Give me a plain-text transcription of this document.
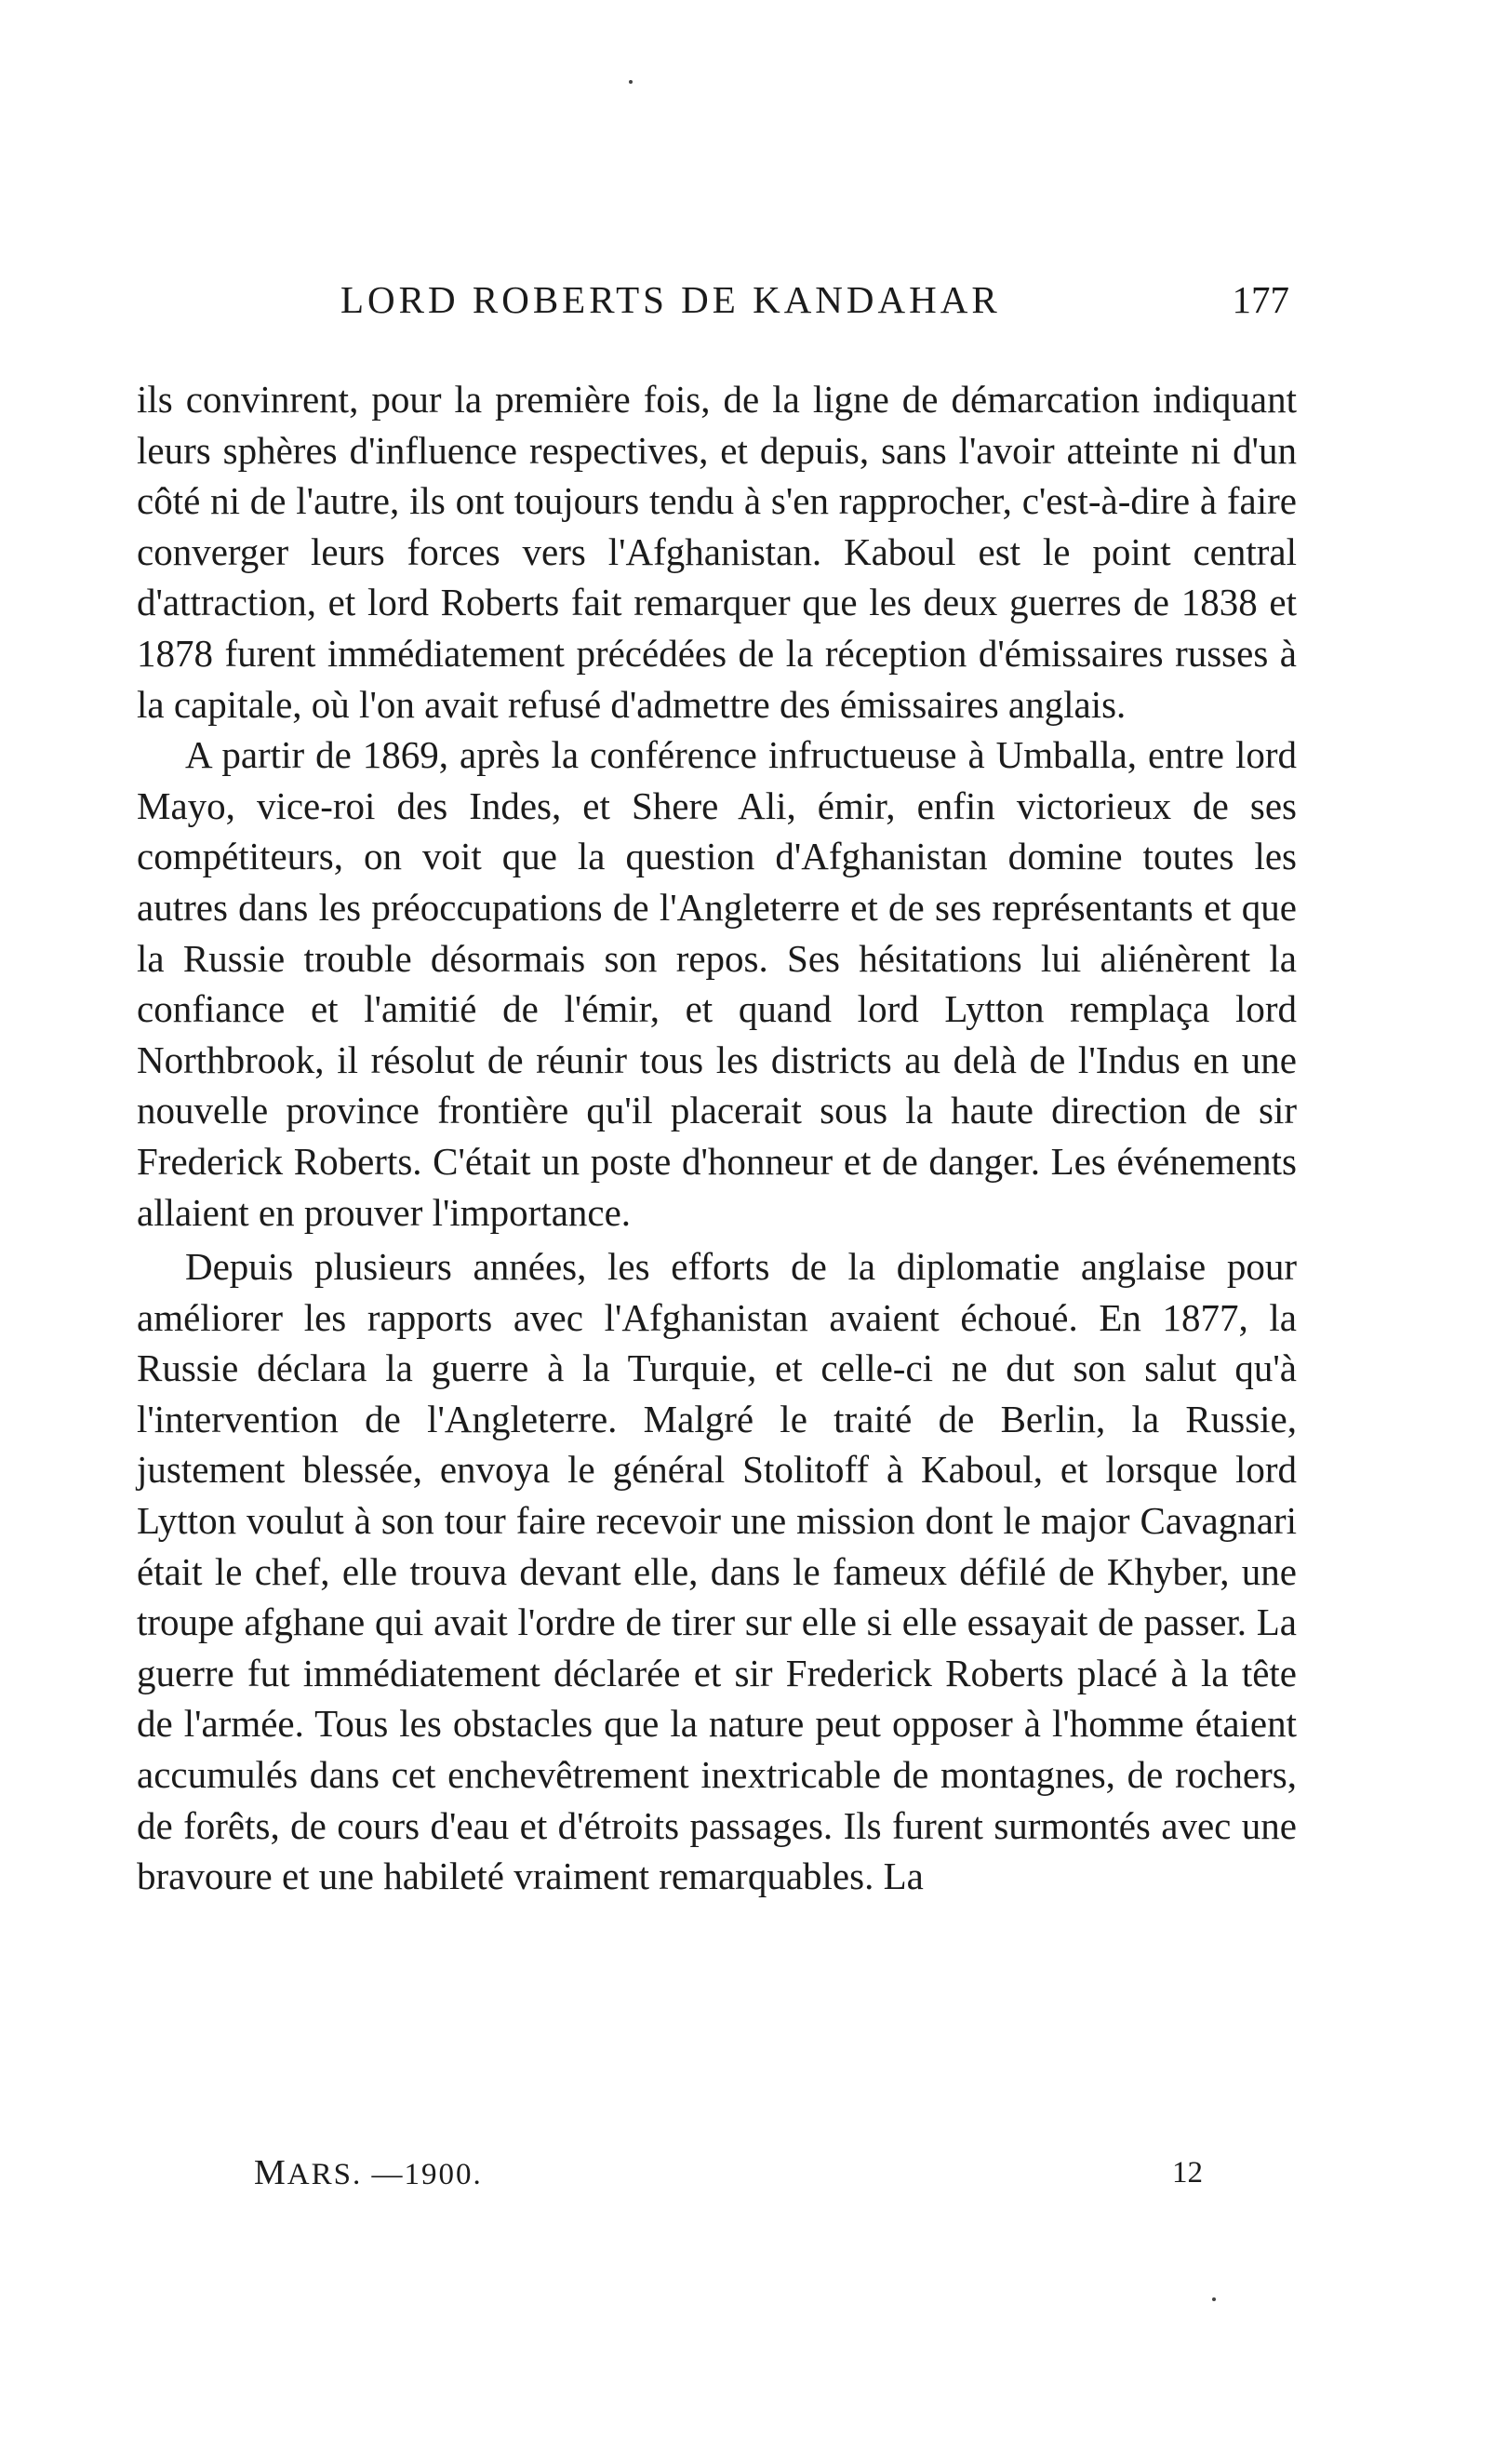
LORD ROBERTS DE KANDAHAR	177

ils convinrent, pour la première fois, de la ligne de démarcation indiquant leurs sphères d'influence respectives, et depuis, sans l'avoir atteinte ni d'un côté ni de l'autre, ils ont toujours tendu à s'en rapprocher, c'est-à-dire à faire converger leurs forces vers l'Afghanistan. Kaboul est le point central d'attraction, et lord Roberts fait remarquer que les deux guerres de 1838 et 1878 furent immédiatement précédées de la réception d'émissaires russes à la capitale, où l'on avait refusé d'admettre des émissaires anglais.

A partir de 1869, après la conférence infructueuse à Umballa, entre lord Mayo, vice-roi des Indes, et Shere Ali, émir, enfin victorieux de ses compétiteurs, on voit que la question d'Afghanistan domine toutes les autres dans les préoccupations de l'Angleterre et de ses représentants et que la Russie trouble désormais son repos. Ses hésitations lui aliénèrent la confiance et l'amitié de l'émir, et quand lord Lytton remplaça lord Northbrook, il résolut de réunir tous les districts au delà de l'Indus en une nouvelle province frontière qu'il placerait sous la haute direction de sir Frederick Roberts. C'était un poste d'honneur et de danger. Les événements allaient en prouver l'importance.

Depuis plusieurs années, les efforts de la diplomatie anglaise pour améliorer les rapports avec l'Afghanistan avaient échoué. En 1877, la Russie déclara la guerre à la Turquie, et celle-ci ne dut son salut qu'à l'intervention de l'Angleterre. Malgré le traité de Berlin, la Russie, justement blessée, envoya le général Stolitoff à Kaboul, et lorsque lord Lytton voulut à son tour faire recevoir une mission dont le major Cavagnari était le chef, elle trouva devant elle, dans le fameux défilé de Khyber, une troupe afghane qui avait l'ordre de tirer sur elle si elle essayait de passer. La guerre fut immédiatement déclarée et sir Frederick Roberts placé à la tête de l'armée. Tous les obstacles que la nature peut opposer à l'homme étaient accumulés dans cet enchevêtrement inextricable de montagnes, de rochers, de forêts, de cours d'eau et d'étroits passages. Ils furent surmontés avec une bravoure et une habileté vraiment remarquables. La

MARS. —1900.	12
